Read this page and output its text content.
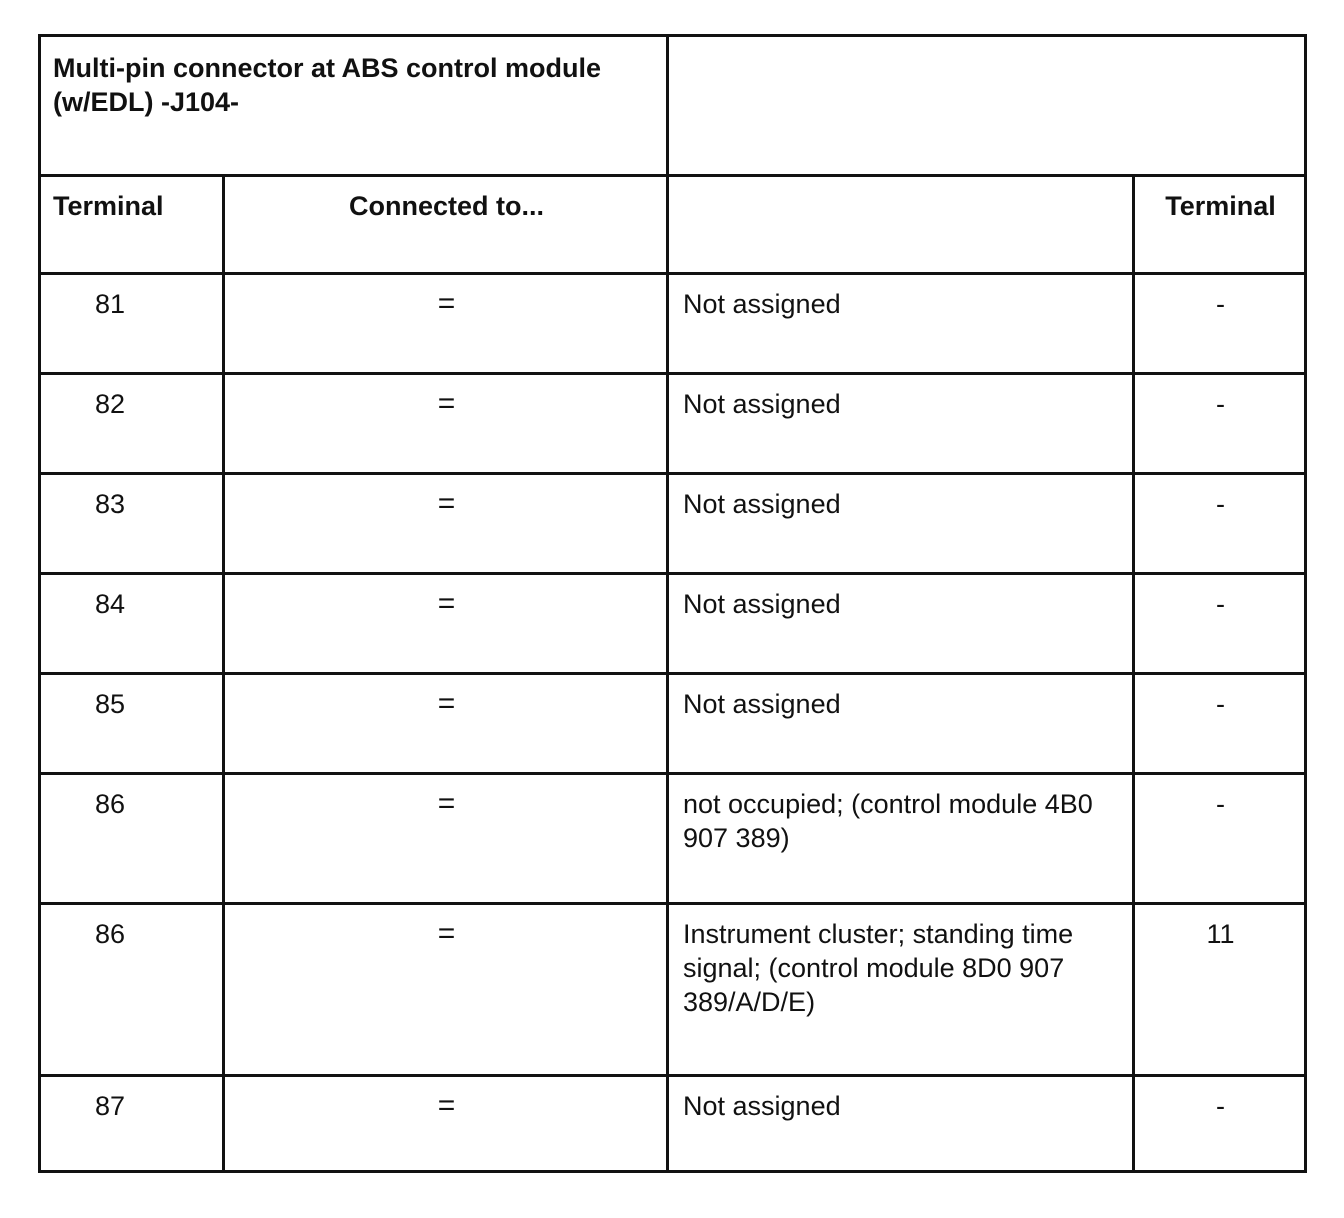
Multi-pin connector at ABS control module (w/EDL) -J104-			
Terminal	Connected to...		Terminal
81	=	Not assigned	-
82	=	Not assigned	-
83	=	Not assigned	-
84	=	Not assigned	-
85	=	Not assigned	-
86	=	not occupied; (control module 4B0 907 389)	-
86	=	Instrument cluster; standing time signal; (control module 8D0 907 389/A/D/E)	11
87	=	Not assigned	-
